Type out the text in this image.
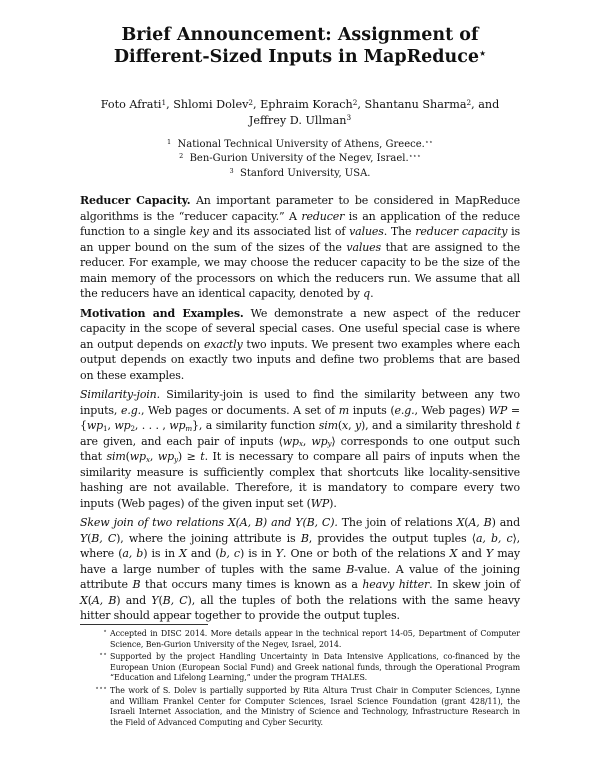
Brief Announcement: Assignment of
Different-Sized Inputs in MapReduce⋆
Foto Afrati$^1$, Shlomi Dolev$^2$, Ephraim Korach$^2$, Shantanu Sharma$^2$, and
Jeffrey D. Ullman$^3$
$^1$ National Technical University of Athens, Greece.⋆⋆
$^2$ Ben-Gurion University of the Negev, Israel.⋆⋆⋆
$^3$ Stanford University, USA.

Reducer Capacity. An important parameter to be considered in MapReduce algorithms is the “reducer capacity.” A reducer is an application of the reduce function to a single key and its associated list of values. The reducer capacity is an upper bound on the sum of the sizes of the values that are assigned to the reducer. For example, we may choose the reducer capacity to be the size of the main memory of the processors on which the reducers run. We assume that all the reducers have an identical capacity, denoted by q.

Motivation and Examples. We demonstrate a new aspect of the reducer capacity in the scope of several special cases. One useful special case is where an output depends on exactly two inputs. We present two examples where each output depends on exactly two inputs and define two problems that are based on these examples.

Similarity-join. Similarity-join is used to find the similarity between any two inputs, e.g., Web pages or documents. A set of m inputs (e.g., Web pages) WP = {$wp_1$, $wp_2$, . . . , $wp_m$}, a similarity function sim(x, y), and a similarity threshold t are given, and each pair of inputs $⟨wp_x$, $wp_y⟩$ corresponds to one output such that $sim(wp_x$, $wp_y) \ge t$. It is necessary to compare all pairs of inputs when the similarity measure is sufficiently complex that shortcuts like locality-sensitive hashing are not available. Therefore, it is mandatory to compare every two inputs (Web pages) of the given input set (WP).

Skew join of two relations X(A, B) and Y(B, C). The join of relations X(A, B) and Y(B, C), where the joining attribute is B, provides the output tuples ⟨a, b, c⟩, where (a, b) is in X and (b, c) is in Y. One or both of the relations X and Y may have a large number of tuples with the same B-value. A value of the joining attribute B that occurs many times is known as a heavy hitter. In skew join of X(A, B) and Y(B, C), all the tuples of both the relations with the same heavy hitter should appear together to provide the output tuples.

⋆ Accepted in DISC 2014. More details appear in the technical report 14-05, Department of Computer Science, Ben-Gurion University of the Negev, Israel, 2014.
⋆⋆ Supported by the project Handling Uncertainty in Data Intensive Applications, co-financed by the European Union (European Social Fund) and Greek national funds, through the Operational Program “Education and Lifelong Learning,” under the program THALES.
⋆⋆⋆ The work of S. Dolev is partially supported by Rita Altura Trust Chair in Computer Sciences, Lynne and William Frankel Center for Computer Sciences, Israel Science Foundation (grant 428/11), the Israeli Internet Association, and the Ministry of Science and Technology, Infrastructure Research in the Field of Advanced Computing and Cyber Security.
